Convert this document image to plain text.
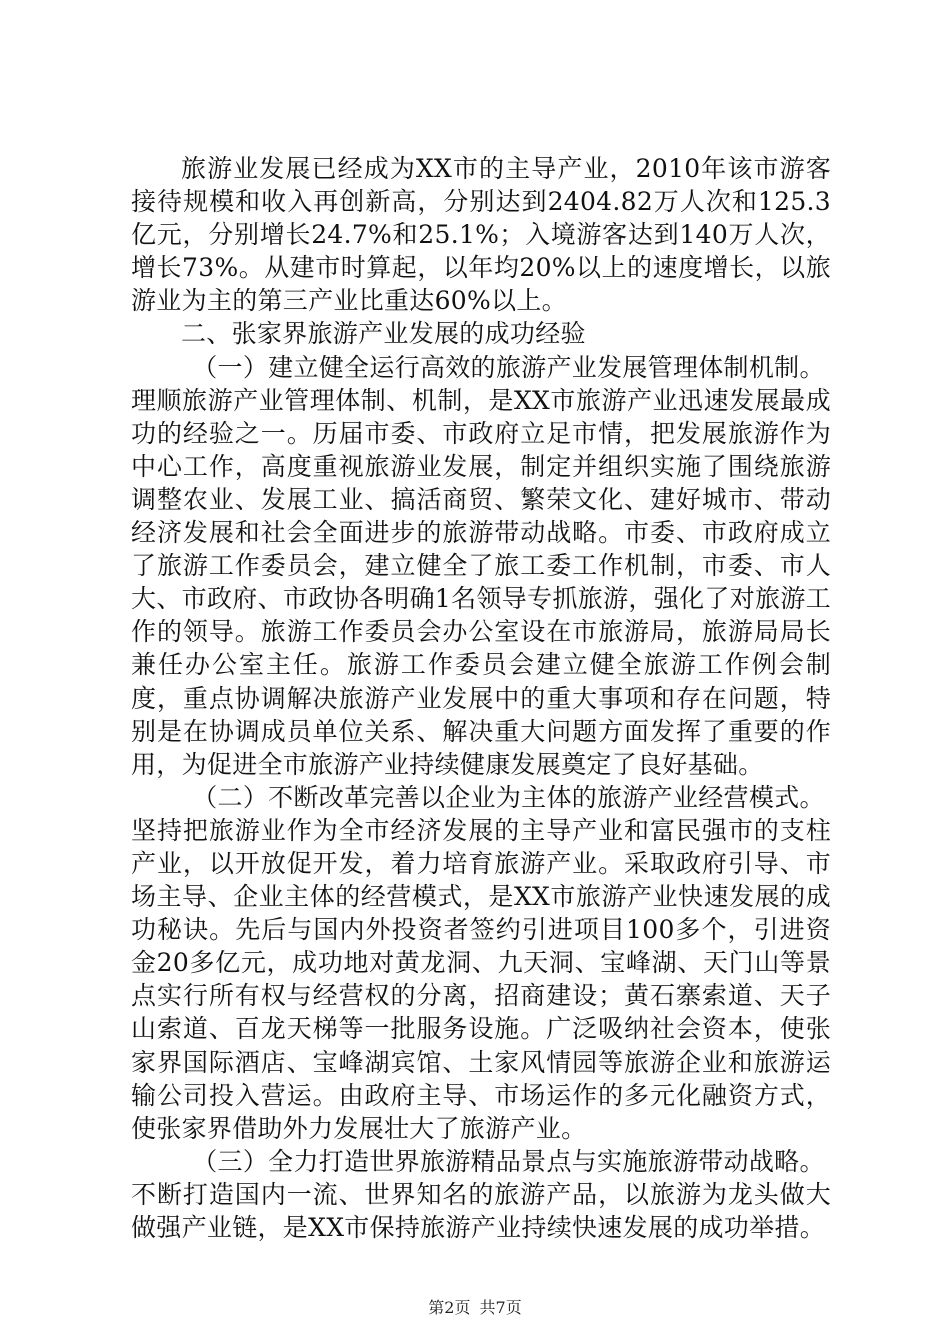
旅游业发展已经成为XX市的主导产业，2010年该市游客接待规模和收入再创新高，分别达到2404.82万人次和125.3亿元，分别增长24.7%和25.1%；入境游客达到140万人次，增长73%。从建市时算起，以年均20%以上的速度增长，以旅游业为主的第三产业比重达60%以上。

二、张家界旅游产业发展的成功经验

（一）建立健全运行高效的旅游产业发展管理体制机制。

理顺旅游产业管理体制、机制，是XX市旅游产业迅速发展最成功的经验之一。历届市委、市政府立足市情，把发展旅游作为中心工作，高度重视旅游业发展，制定并组织实施了围绕旅游调整农业、发展工业、搞活商贸、繁荣文化、建好城市、带动经济发展和社会全面进步的旅游带动战略。市委、市政府成立了旅游工作委员会，建立健全了旅工委工作机制，市委、市人大、市政府、市政协各明确1名领导专抓旅游，强化了对旅游工作的领导。旅游工作委员会办公室设在市旅游局，旅游局局长兼任办公室主任。旅游工作委员会建立健全旅游工作例会制度，重点协调解决旅游产业发展中的重大事项和存在问题，特别是在协调成员单位关系、解决重大问题方面发挥了重要的作用，为促进全市旅游产业持续健康发展奠定了良好基础。

（二）不断改革完善以企业为主体的旅游产业经营模式。

坚持把旅游业作为全市经济发展的主导产业和富民强市的支柱产业，以开放促开发，着力培育旅游产业。采取政府引导、市场主导、企业主体的经营模式，是XX市旅游产业快速发展的成功秘诀。先后与国内外投资者签约引进项目100多个，引进资金20多亿元，成功地对黄龙洞、九天洞、宝峰湖、天门山等景点实行所有权与经营权的分离，招商建设；黄石寨索道、天子山索道、百龙天梯等一批服务设施。广泛吸纳社会资本，使张家界国际酒店、宝峰湖宾馆、土家风情园等旅游企业和旅游运输公司投入营运。由政府主导、市场运作的多元化融资方式，使张家界借助外力发展壮大了旅游产业。

（三）全力打造世界旅游精品景点与实施旅游带动战略。

不断打造国内一流、世界知名的旅游产品，以旅游为龙头做大做强产业链，是XX市保持旅游产业持续快速发展的成功举措。

第2页 共7页
